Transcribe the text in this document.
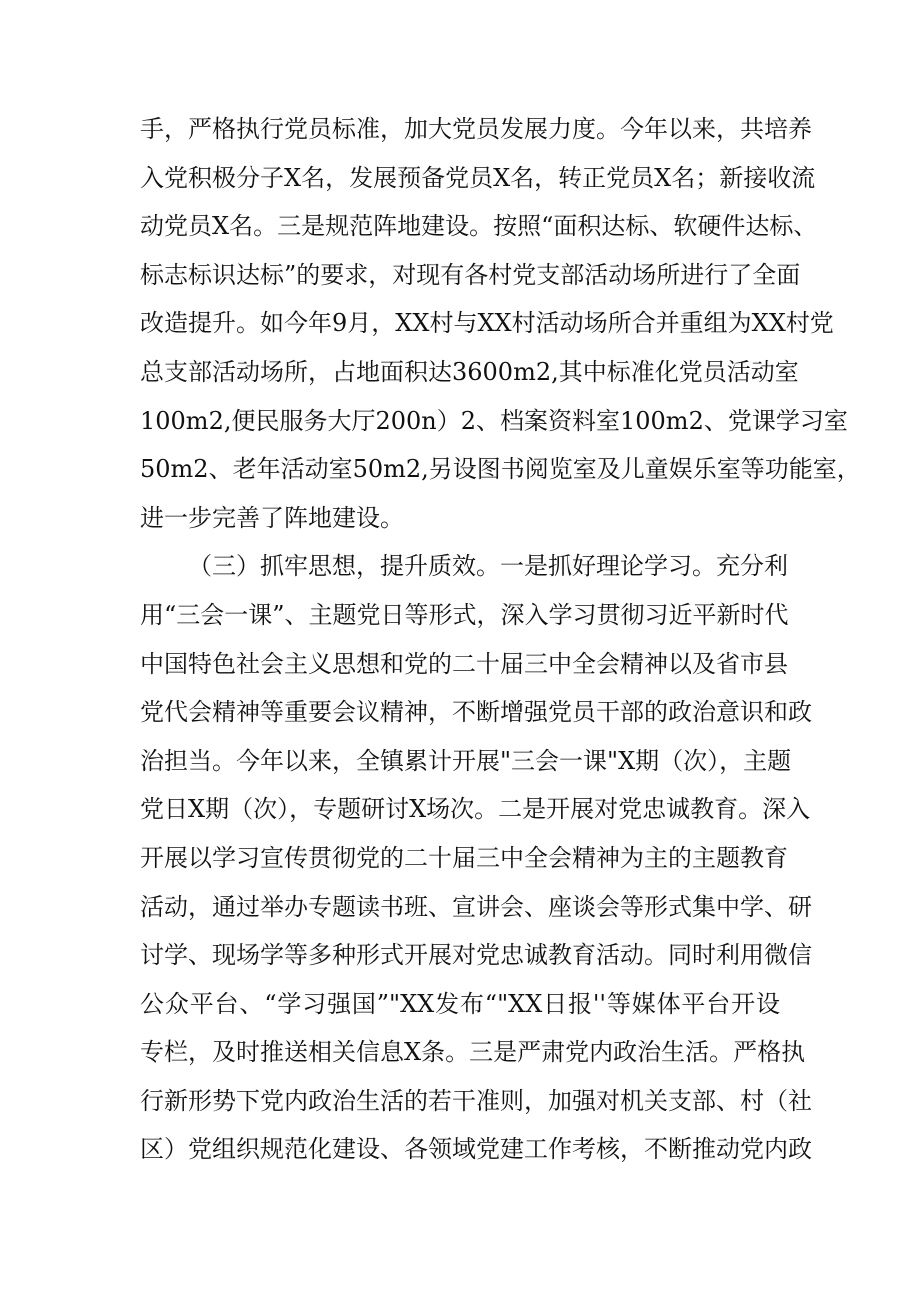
手，严格执行党员标准，加大党员发展力度。今年以来，共培养
入党积极分子X名，发展预备党员X名，转正党员X名；新接收流
动党员X名。三是规范阵地建设。按照“面积达标、软硬件达标、
标志标识达标”的要求，对现有各村党支部活动场所进行了全面
改造提升。如今年9月，XX村与XX村活动场所合并重组为XX村党
总支部活动场所，占地面积达3600m2,其中标准化党员活动室
100m2,便民服务大厅200n）2、档案资料室100m2、党课学习室
50m2、老年活动室50m2,另设图书阅览室及儿童娱乐室等功能室，
进一步完善了阵地建设。
（三）抓牢思想，提升质效。一是抓好理论学习。充分利
用“三会一课”、主题党日等形式，深入学习贯彻习近平新时代
中国特色社会主义思想和党的二十届三中全会精神以及省市县
党代会精神等重要会议精神，不断增强党员干部的政治意识和政
治担当。今年以来，全镇累计开展"三会一课"X期（次），主题
党日X期（次），专题研讨X场次。二是开展对党忠诚教育。深入
开展以学习宣传贯彻党的二十届三中全会精神为主的主题教育
活动，通过举办专题读书班、宣讲会、座谈会等形式集中学、研
讨学、现场学等多种形式开展对党忠诚教育活动。同时利用微信
公众平台、“学习强国”"XX发布“"XX日报''等媒体平台开设
专栏，及时推送相关信息X条。三是严肃党内政治生活。严格执
行新形势下党内政治生活的若干准则，加强对机关支部、村（社
区）党组织规范化建设、各领域党建工作考核，不断推动党内政
